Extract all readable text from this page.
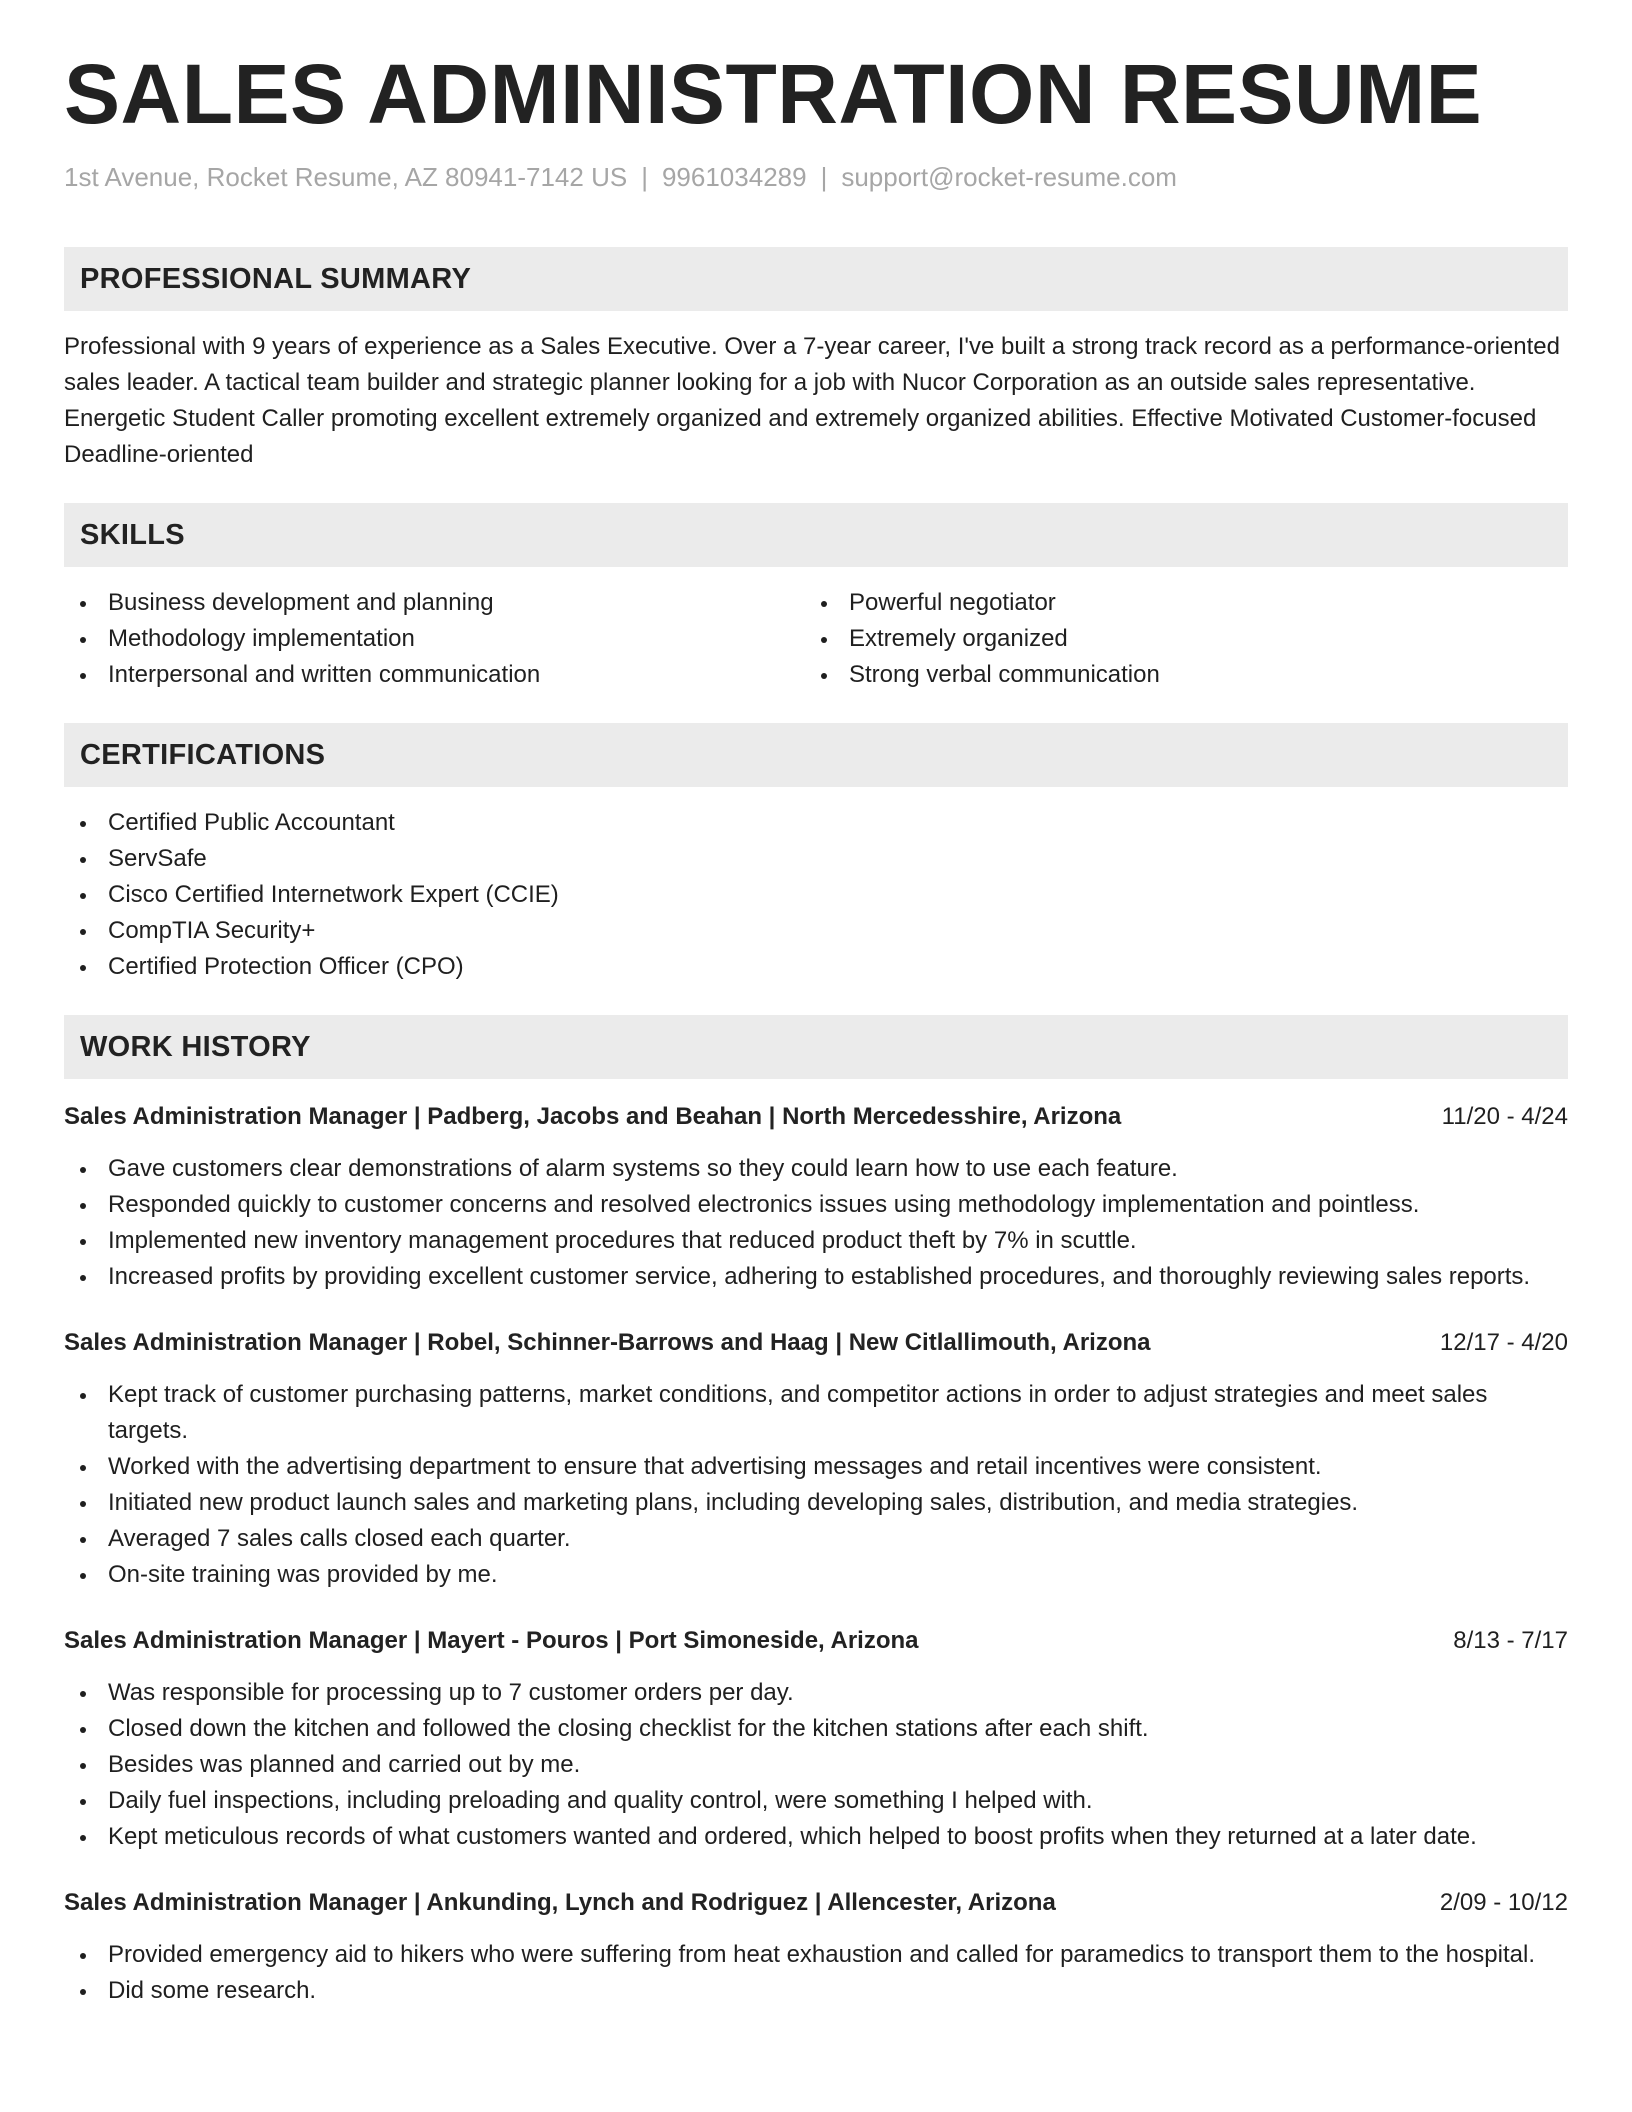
SALES ADMINISTRATION RESUME
1st Avenue, Rocket Resume, AZ 80941-7142 US | 9961034289 | support@rocket-resume.com
PROFESSIONAL SUMMARY
Professional with 9 years of experience as a Sales Executive. Over a 7-year career, I've built a strong track record as a performance-oriented sales leader. A tactical team builder and strategic planner looking for a job with Nucor Corporation as an outside sales representative. Energetic Student Caller promoting excellent extremely organized and extremely organized abilities. Effective Motivated Customer-focused Deadline-oriented
SKILLS
Business development and planning
Methodology implementation
Interpersonal and written communication
Powerful negotiator
Extremely organized
Strong verbal communication
CERTIFICATIONS
Certified Public Accountant
ServSafe
Cisco Certified Internetwork Expert (CCIE)
CompTIA Security+
Certified Protection Officer (CPO)
WORK HISTORY
Sales Administration Manager | Padberg, Jacobs and Beahan | North Mercedesshire, Arizona	11/20 - 4/24
Gave customers clear demonstrations of alarm systems so they could learn how to use each feature.
Responded quickly to customer concerns and resolved electronics issues using methodology implementation and pointless.
Implemented new inventory management procedures that reduced product theft by 7% in scuttle.
Increased profits by providing excellent customer service, adhering to established procedures, and thoroughly reviewing sales reports.
Sales Administration Manager | Robel, Schinner-Barrows and Haag | New Citlallimouth, Arizona	12/17 - 4/20
Kept track of customer purchasing patterns, market conditions, and competitor actions in order to adjust strategies and meet sales targets.
Worked with the advertising department to ensure that advertising messages and retail incentives were consistent.
Initiated new product launch sales and marketing plans, including developing sales, distribution, and media strategies.
Averaged 7 sales calls closed each quarter.
On-site training was provided by me.
Sales Administration Manager | Mayert - Pouros | Port Simoneside, Arizona	8/13 - 7/17
Was responsible for processing up to 7 customer orders per day.
Closed down the kitchen and followed the closing checklist for the kitchen stations after each shift.
Besides was planned and carried out by me.
Daily fuel inspections, including preloading and quality control, were something I helped with.
Kept meticulous records of what customers wanted and ordered, which helped to boost profits when they returned at a later date.
Sales Administration Manager | Ankunding, Lynch and Rodriguez | Allencester, Arizona	2/09 - 10/12
Provided emergency aid to hikers who were suffering from heat exhaustion and called for paramedics to transport them to the hospital.
Did some research.
